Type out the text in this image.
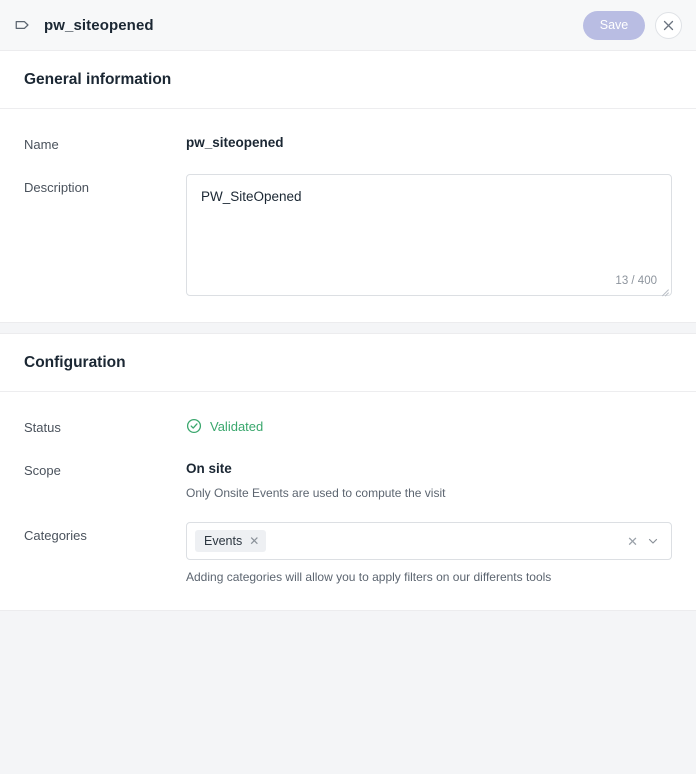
pw_siteopened	Save
General information
Name	pw_siteopened
Description
PW_SiteOpened
13 / 400
Configuration
Status	Validated
Scope	On site
Only Onsite Events are used to compute the visit
Categories	Events ✕	✕
Adding categories will allow you to apply filters on our differents tools
